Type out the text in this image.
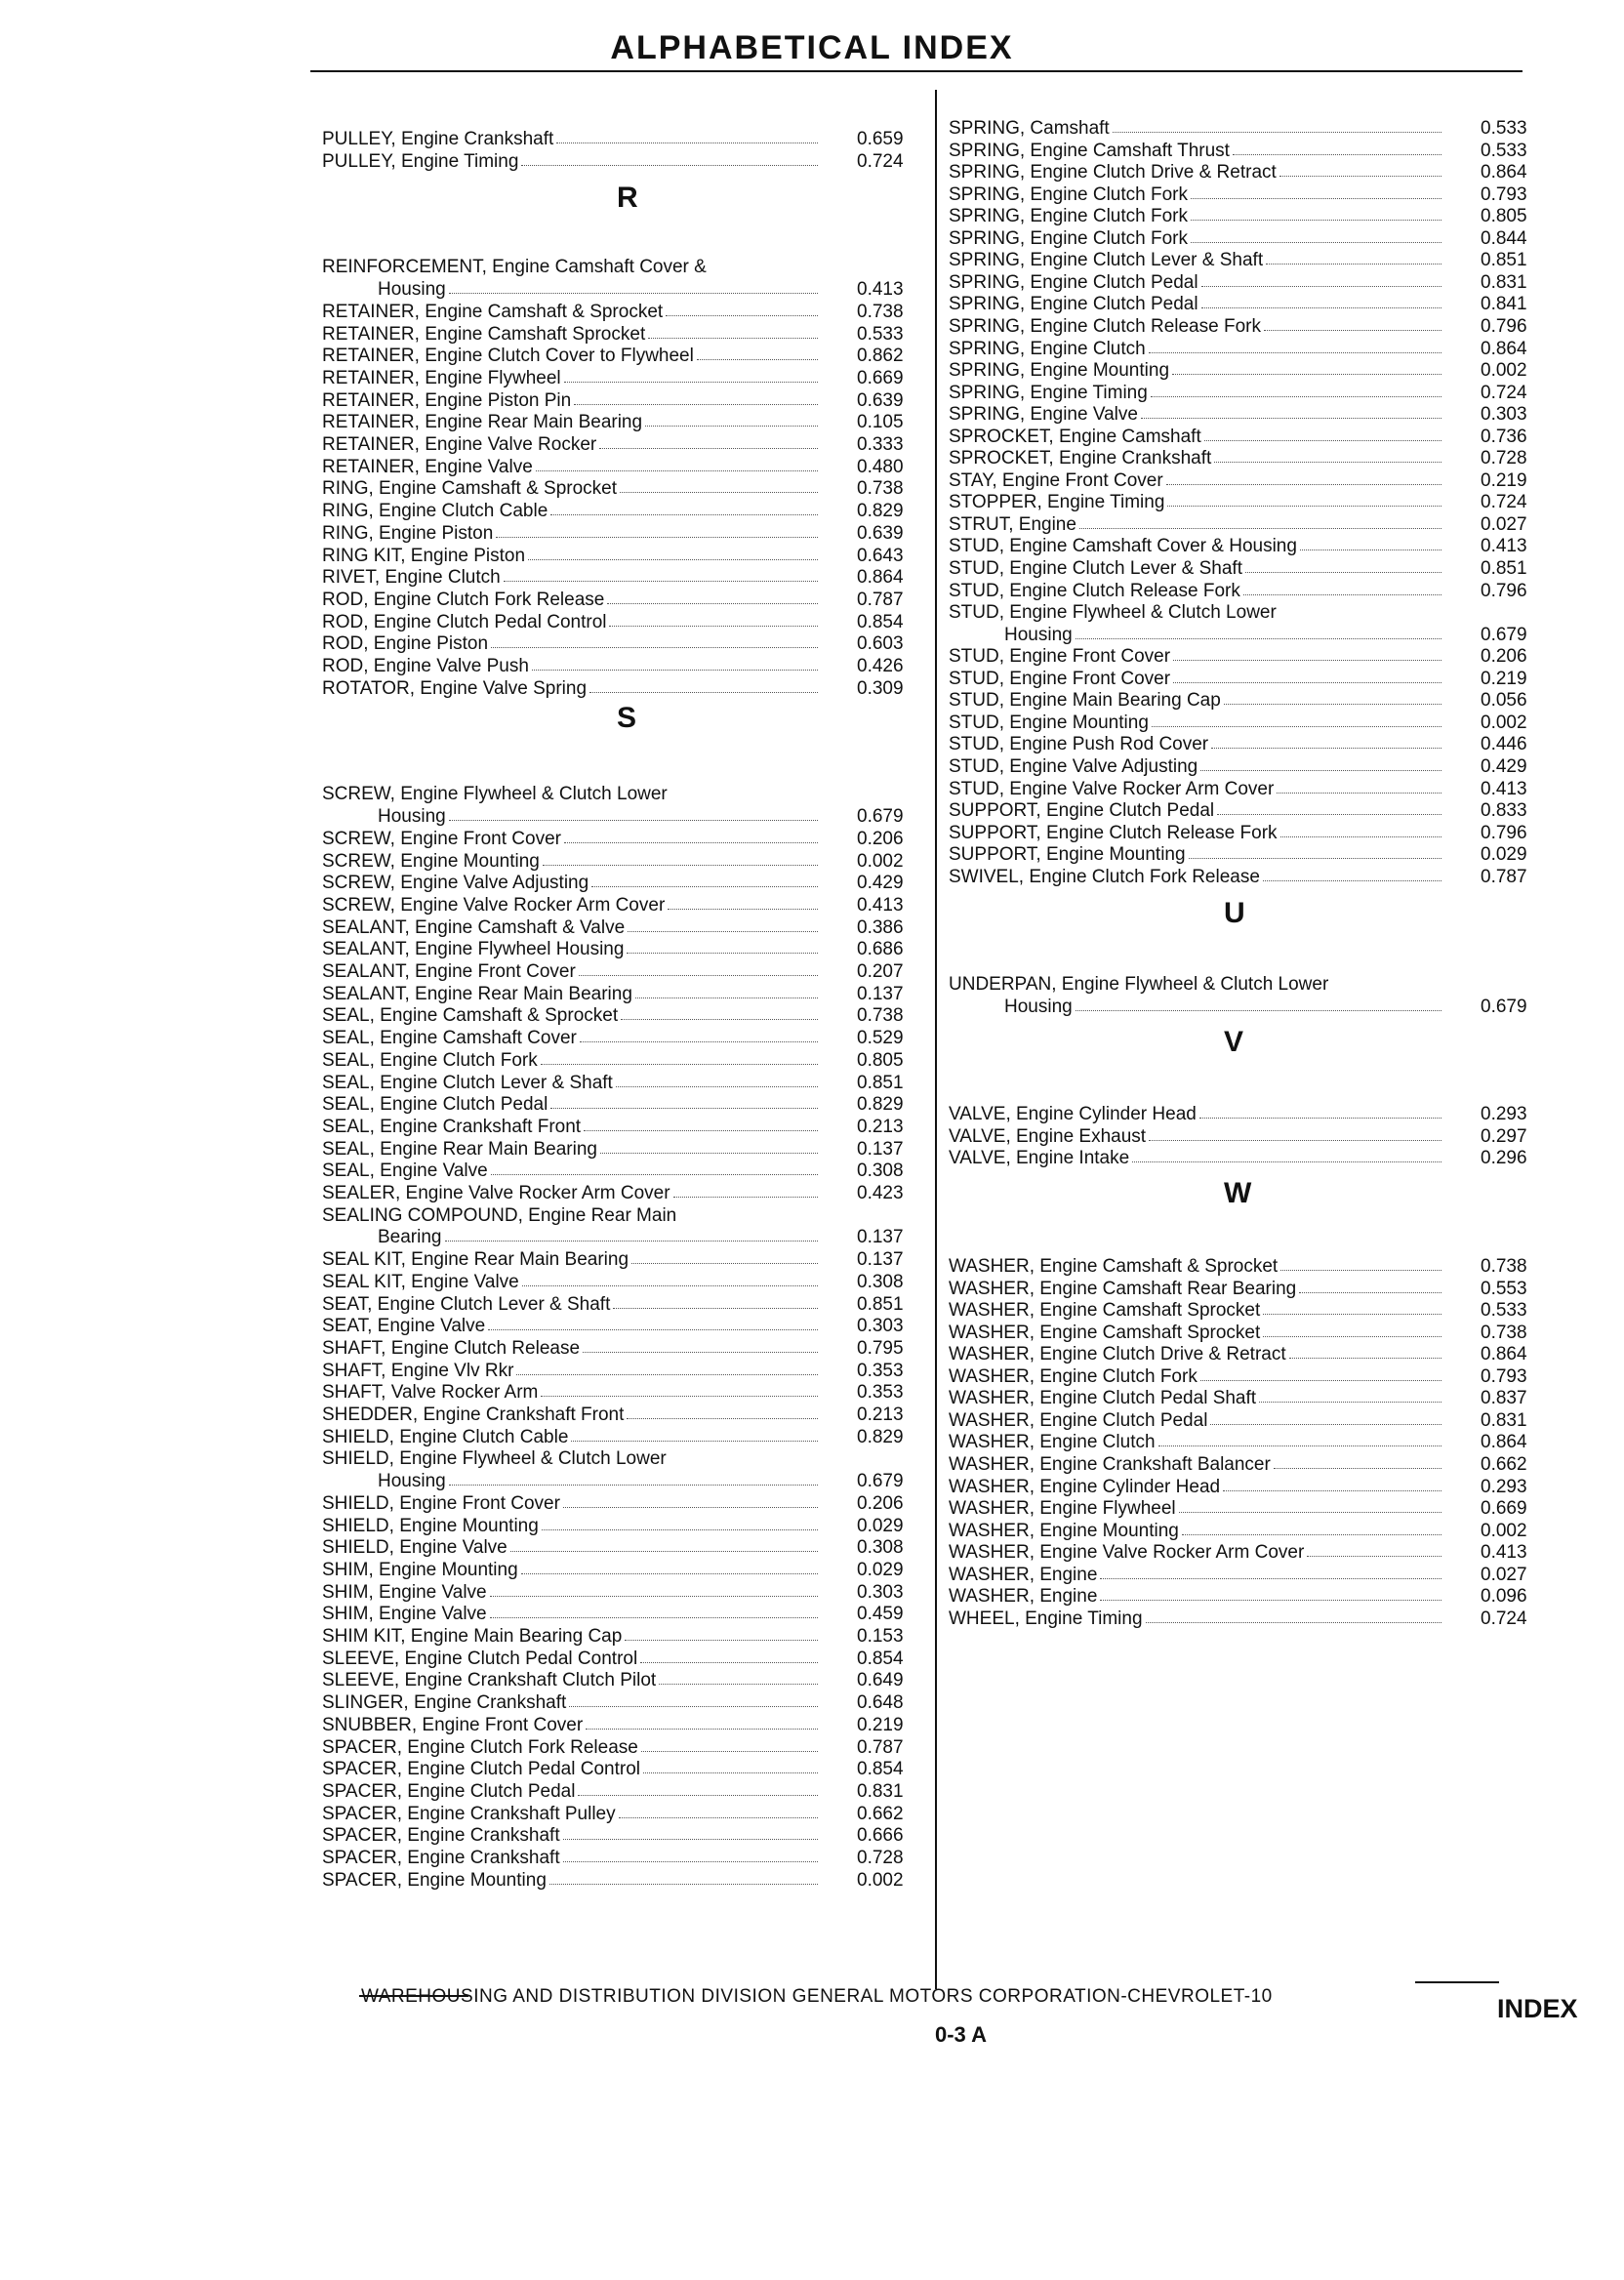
ALPHABETICAL INDEX
PULLEY, Engine Crankshaft	0.659
PULLEY, Engine Timing	0.724
R
REINFORCEMENT, Engine Camshaft Cover &
Housing	0.413
RETAINER, Engine Camshaft & Sprocket	0.738
RETAINER, Engine Camshaft Sprocket	0.533
RETAINER, Engine Clutch Cover to Flywheel	0.862
RETAINER, Engine Flywheel	0.669
RETAINER, Engine Piston Pin	0.639
RETAINER, Engine Rear Main Bearing	0.105
RETAINER, Engine Valve Rocker	0.333
RETAINER, Engine Valve	0.480
RING, Engine Camshaft & Sprocket	0.738
RING, Engine Clutch Cable	0.829
RING, Engine Piston	0.639
RING KIT, Engine Piston	0.643
RIVET, Engine Clutch	0.864
ROD, Engine Clutch Fork Release	0.787
ROD, Engine Clutch Pedal Control	0.854
ROD, Engine Piston	0.603
ROD, Engine Valve Push	0.426
ROTATOR, Engine Valve Spring	0.309
S
SCREW, Engine Flywheel & Clutch Lower
Housing	0.679
SCREW, Engine Front Cover	0.206
SCREW, Engine Mounting	0.002
SCREW, Engine Valve Adjusting	0.429
SCREW, Engine Valve Rocker Arm Cover	0.413
SEALANT, Engine Camshaft & Valve	0.386
SEALANT, Engine Flywheel Housing	0.686
SEALANT, Engine Front Cover	0.207
SEALANT, Engine Rear Main Bearing	0.137
SEAL, Engine Camshaft & Sprocket	0.738
SEAL, Engine Camshaft Cover	0.529
SEAL, Engine Clutch Fork	0.805
SEAL, Engine Clutch Lever & Shaft	0.851
SEAL, Engine Clutch Pedal	0.829
SEAL, Engine Crankshaft Front	0.213
SEAL, Engine Rear Main Bearing	0.137
SEAL, Engine Valve	0.308
SEALER, Engine Valve Rocker Arm Cover	0.423
SEALING COMPOUND, Engine Rear Main
Bearing	0.137
SEAL KIT, Engine Rear Main Bearing	0.137
SEAL KIT, Engine Valve	0.308
SEAT, Engine Clutch Lever & Shaft	0.851
SEAT, Engine Valve	0.303
SHAFT, Engine Clutch Release	0.795
SHAFT, Engine Vlv Rkr	0.353
SHAFT, Valve Rocker Arm	0.353
SHEDDER, Engine Crankshaft Front	0.213
SHIELD, Engine Clutch Cable	0.829
SHIELD, Engine Flywheel & Clutch Lower
Housing	0.679
SHIELD, Engine Front Cover	0.206
SHIELD, Engine Mounting	0.029
SHIELD, Engine Valve	0.308
SHIM, Engine Mounting	0.029
SHIM, Engine Valve	0.303
SHIM, Engine Valve	0.459
SHIM KIT, Engine Main Bearing Cap	0.153
SLEEVE, Engine Clutch Pedal Control	0.854
SLEEVE, Engine Crankshaft Clutch Pilot	0.649
SLINGER, Engine Crankshaft	0.648
SNUBBER, Engine Front Cover	0.219
SPACER, Engine Clutch Fork Release	0.787
SPACER, Engine Clutch Pedal Control	0.854
SPACER, Engine Clutch Pedal	0.831
SPACER, Engine Crankshaft Pulley	0.662
SPACER, Engine Crankshaft	0.666
SPACER, Engine Crankshaft	0.728
SPACER, Engine Mounting	0.002
SPRING, Camshaft	0.533
SPRING, Engine Camshaft Thrust	0.533
SPRING, Engine Clutch Drive & Retract	0.864
SPRING, Engine Clutch Fork	0.793
SPRING, Engine Clutch Fork	0.805
SPRING, Engine Clutch Fork	0.844
SPRING, Engine Clutch Lever & Shaft	0.851
SPRING, Engine Clutch Pedal	0.831
SPRING, Engine Clutch Pedal	0.841
SPRING, Engine Clutch Release Fork	0.796
SPRING, Engine Clutch	0.864
SPRING, Engine Mounting	0.002
SPRING, Engine Timing	0.724
SPRING, Engine Valve	0.303
SPROCKET, Engine Camshaft	0.736
SPROCKET, Engine Crankshaft	0.728
STAY, Engine Front Cover	0.219
STOPPER, Engine Timing	0.724
STRUT, Engine	0.027
STUD, Engine Camshaft Cover & Housing	0.413
STUD, Engine Clutch Lever & Shaft	0.851
STUD, Engine Clutch Release Fork	0.796
STUD, Engine Flywheel & Clutch Lower
Housing	0.679
STUD, Engine Front Cover	0.206
STUD, Engine Front Cover	0.219
STUD, Engine Main Bearing Cap	0.056
STUD, Engine Mounting	0.002
STUD, Engine Push Rod Cover	0.446
STUD, Engine Valve Adjusting	0.429
STUD, Engine Valve Rocker Arm Cover	0.413
SUPPORT, Engine Clutch Pedal	0.833
SUPPORT, Engine Clutch Release Fork	0.796
SUPPORT, Engine Mounting	0.029
SWIVEL, Engine Clutch Fork Release	0.787
U
UNDERPAN, Engine Flywheel & Clutch Lower
Housing	0.679
V
VALVE, Engine Cylinder Head	0.293
VALVE, Engine Exhaust	0.297
VALVE, Engine Intake	0.296
W
WASHER, Engine Camshaft & Sprocket	0.738
WASHER, Engine Camshaft Rear Bearing	0.553
WASHER, Engine Camshaft Sprocket	0.533
WASHER, Engine Camshaft Sprocket	0.738
WASHER, Engine Clutch Drive & Retract	0.864
WASHER, Engine Clutch Fork	0.793
WASHER, Engine Clutch Pedal Shaft	0.837
WASHER, Engine Clutch Pedal	0.831
WASHER, Engine Clutch	0.864
WASHER, Engine Crankshaft Balancer	0.662
WASHER, Engine Cylinder Head	0.293
WASHER, Engine Flywheel	0.669
WASHER, Engine Mounting	0.002
WASHER, Engine Valve Rocker Arm Cover	0.413
WASHER, Engine	0.027
WASHER, Engine	0.096
WHEEL, Engine Timing	0.724
WAREHOUSING AND DISTRIBUTION DIVISION GENERAL MOTORS CORPORATION-CHEVROLET-10	INDEX
0-3 A
